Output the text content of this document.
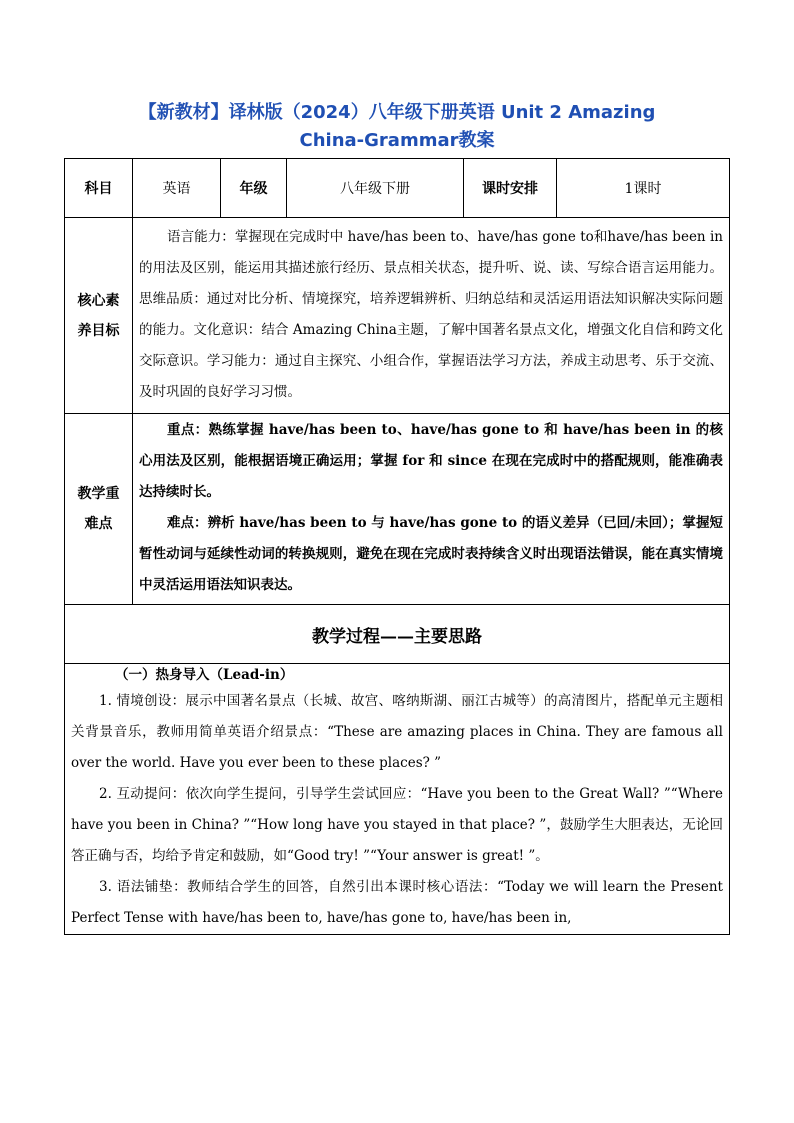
【新教材】译林版（2024）八年级下册英语 Unit 2 Amazing
China-Grammar教案
科目	英语	年级	八年级下册	课时安排	1课时

核心素养目标	语言能力：掌握现在完成时中 have/has been to、have/has gone to和have/has been in的用法及区别，能运用其描述旅行经历、景点相关状态，提升听、说、读、写综合语言运用能力。思维品质：通过对比分析、情境探究，培养逻辑辨析、归纳总结和灵活运用语法知识解决实际问题的能力。文化意识：结合 Amazing China主题，了解中国著名景点文化，增强文化自信和跨文化交际意识。学习能力：通过自主探究、小组合作，掌握语法学习方法，养成主动思考、乐于交流、及时巩固的良好学习习惯。				

教学重难点	重点：熟练掌握 have/has been to、have/has gone to 和 have/has been in 的核心用法及区别，能根据语境正确运用；掌握 for 和 since 在现在完成时中的搭配规则，能准确表达持续时长。
难点：辨析 have/has been to 与 have/has gone to 的语义差异（已回/未回）；掌握短暂性动词与延续性动词的转换规则，避免在现在完成时表持续含义时出现语法错误，能在真实情境中灵活运用语法知识表达。				

教学过程——主要思路					

（一）热身导入（Lead-in）

1. 情境创设：展示中国著名景点（长城、故宫、喀纳斯湖、丽江古城等）的高清图片，搭配单元主题相关背景音乐，教师用简单英语介绍景点：“These are amazing places in China. They are famous all over the world. Have you ever been to these places? ”

2. 互动提问：依次向学生提问，引导学生尝试回应：“Have you been to the Great Wall? ”“Where have you been in China? ”“How long have you stayed in that place? ”，鼓励学生大胆表达，无论回答正确与否，均给予肯定和鼓励，如“Good try! ”“Your answer is great! ”。

3. 语法铺垫：教师结合学生的回答，自然引出本课时核心语法：“Today we will learn the Present Perfect Tense with have/has been to, have/has gone to, have/has been in,					
